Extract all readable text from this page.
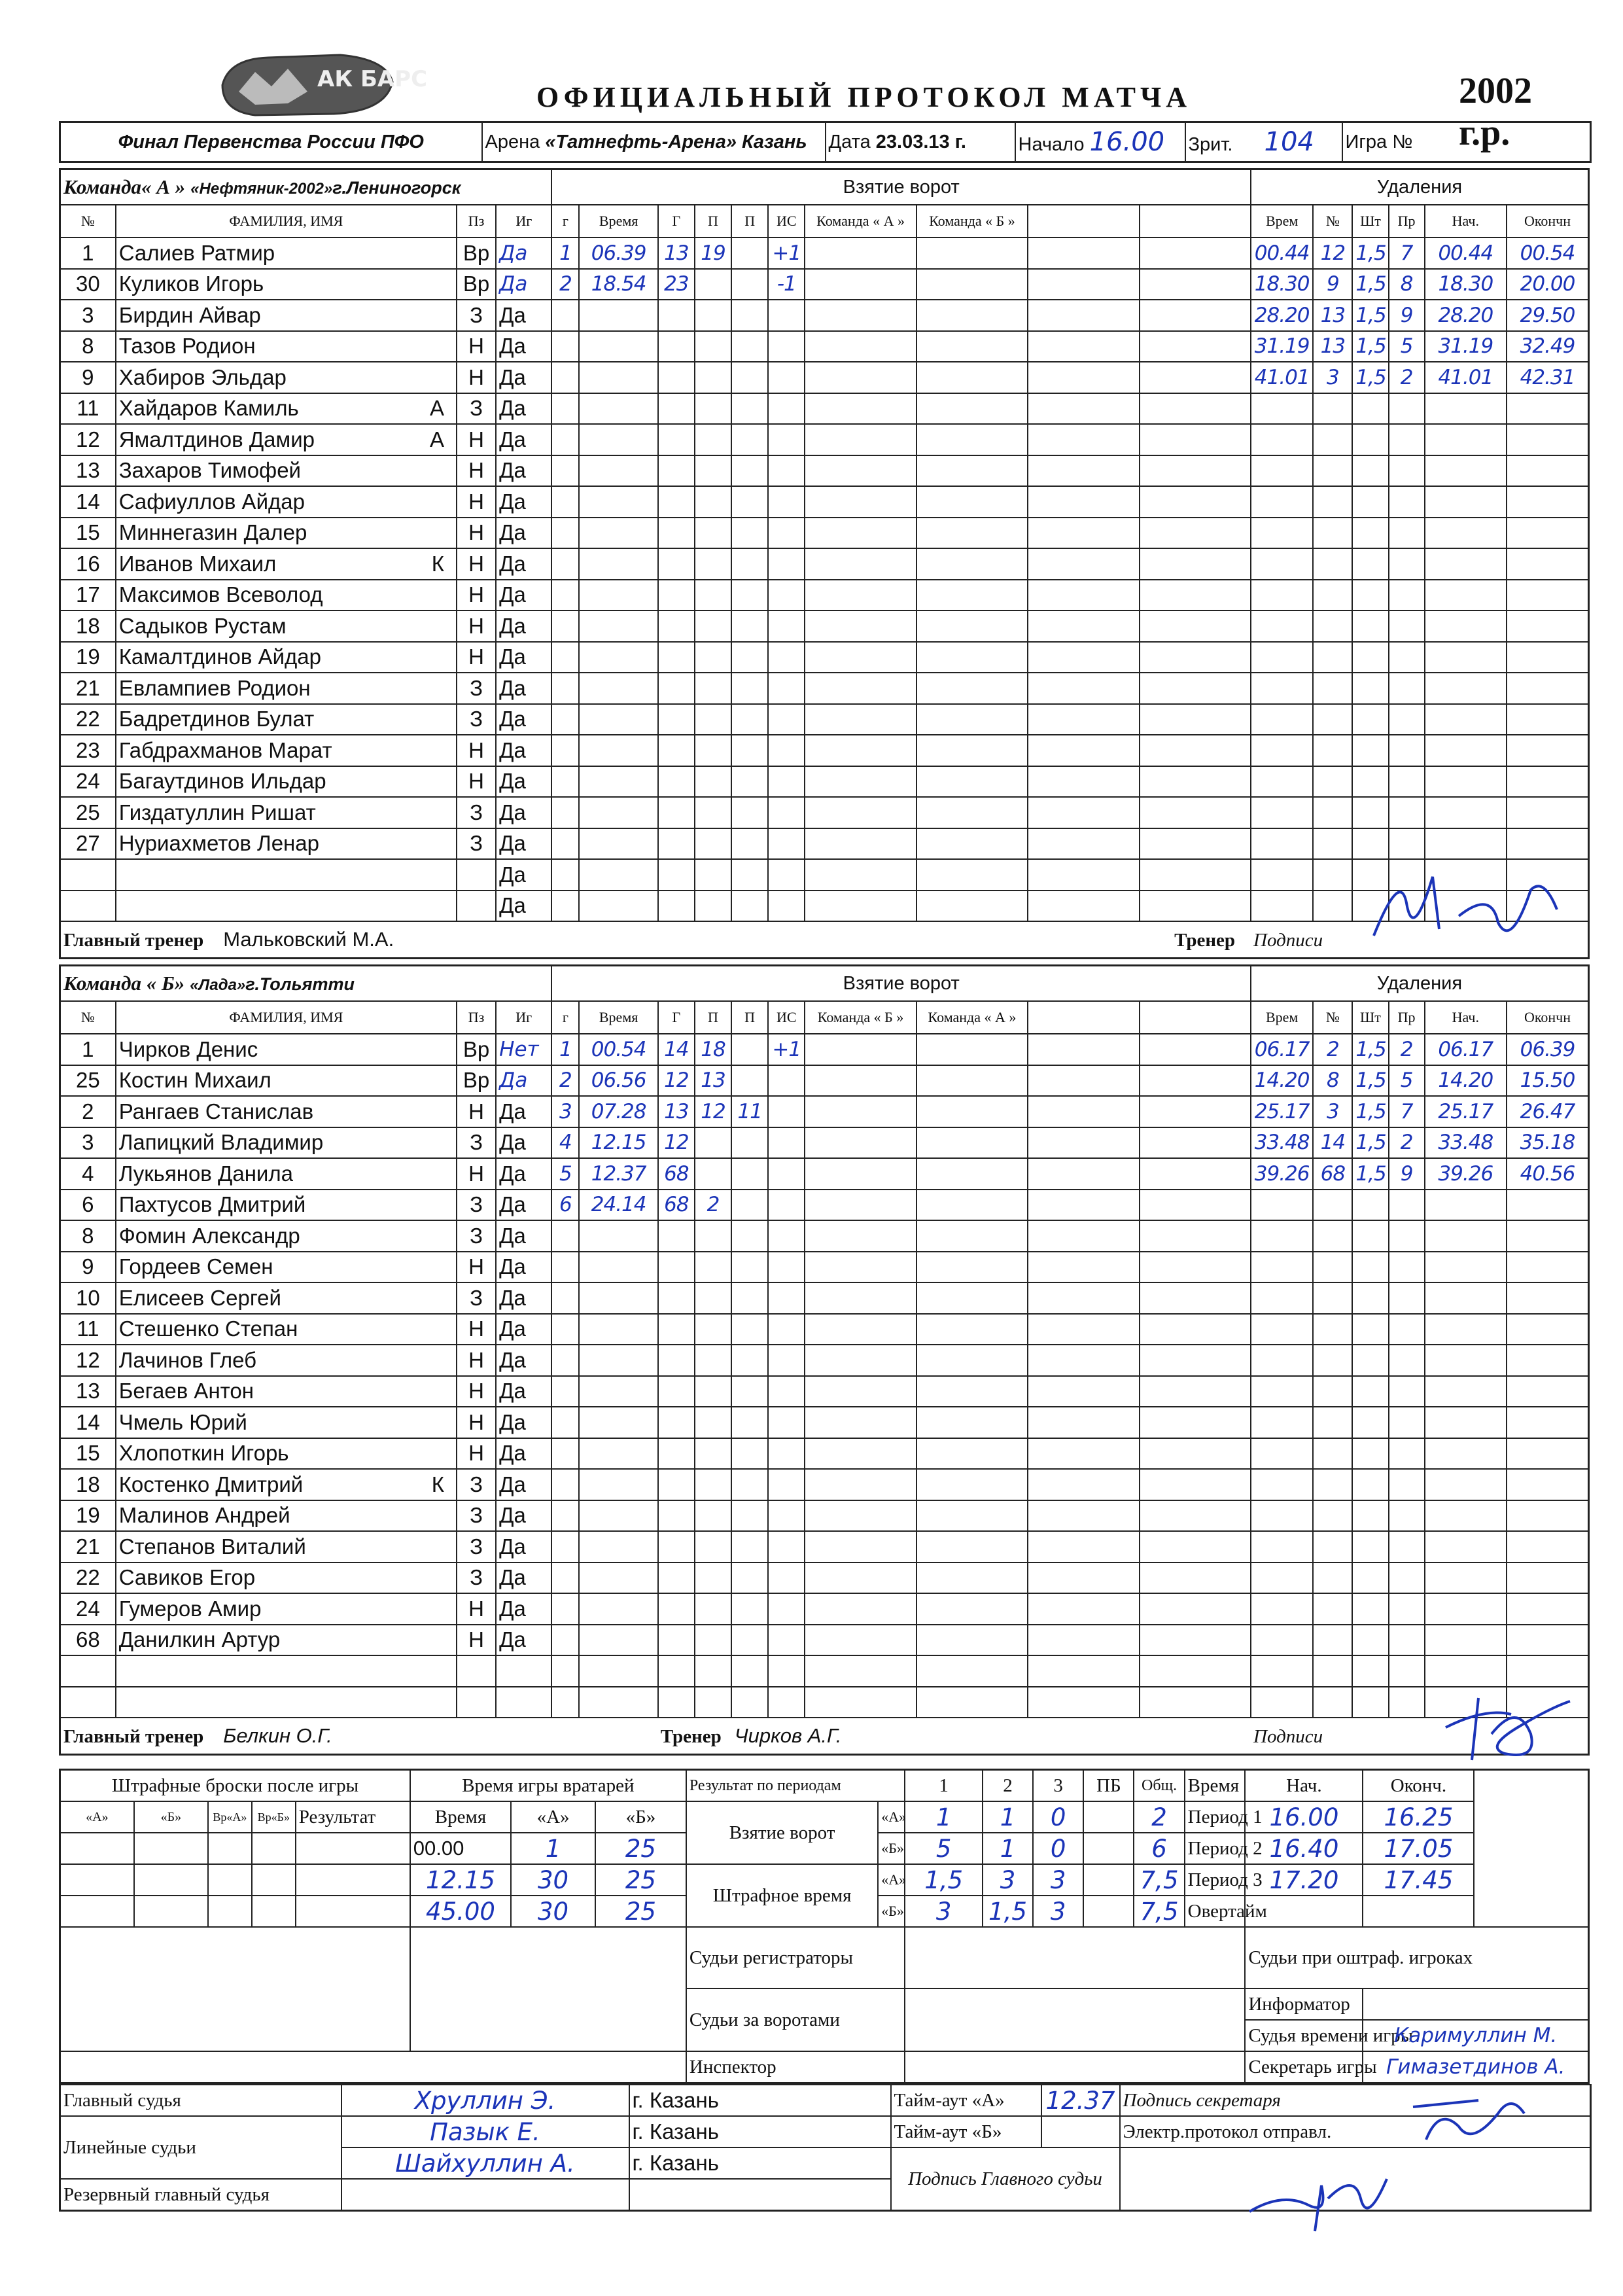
АК БАРС
ОФИЦИАЛЬНЫЙ ПРОТОКОЛ МАТЧА	2002 г.р.
Финал Первенства России ПФО	Арена «Татнефть-Арена» Казань	Дата 23.03.13 г.	Начало 16.00	Зрит. 104	Игра №
Команда« А » «Нефтяник-2002»г.Лениногорск				Взятие ворот										Удаления					
№	ФАМИЛИЯ, ИМЯ	Пз	Иг	г	Время	Г	П	П	ИС	Команда « А »	Команда « Б »			Врем	№	Шт	Пр	Нач.	Окончн
1	Салиев Ратмир	Вр	Да	1	06.39	13	19		+1					00.44	12	1,5	7	00.44	00.54
30	Куликов Игорь	Вр	Да	2	18.54	23			-1					18.30	9	1,5	8	18.30	20.00
3	Бирдин Айвар	З	Да											28.20	13	1,5	9	28.20	29.50
8	Тазов Родион	Н	Да											31.19	13	1,5	5	31.19	32.49
9	Хабиров Эльдар	Н	Да											41.01	3	1,5	2	41.01	42.31
11	Хайдаров Камиль А	З	Да																
12	Ямалтдинов Дамир А	Н	Да																
13	Захаров Тимофей	Н	Да																
14	Сафиуллов Айдар	Н	Да																
15	Миннегазин Далер	Н	Да																
16	Иванов Михаил К	Н	Да																
17	Максимов Всеволод	Н	Да																
18	Садыков Рустам	Н	Да																
19	Камалтдинов Айдар	Н	Да																
21	Евлампиев Родион	З	Да																
22	Бадретдинов Булат	З	Да																
23	Габдрахманов Марат	Н	Да																
24	Багаутдинов Ильдар	Н	Да																
25	Гиздатуллин Ришат	З	Да																
27	Нуриахметов Ленар	З	Да																
			Да																
			Да																
Главный тренер Мальковский М.А.						Тренер								Подписи					
Команда « Б» «Лада»г.Тольятти				Взятие ворот										Удаления					
№	ФАМИЛИЯ, ИМЯ	Пз	Иг	г	Время	Г	П	П	ИС	Команда « Б »	Команда « А »			Врем	№	Шт	Пр	Нач.	Окончн
1	Чирков Денис	Вр	Нет	1	00.54	14	18		+1					06.17	2	1,5	2	06.17	06.39
25	Костин Михаил	Вр	Да	2	06.56	12	13							14.20	8	1,5	5	14.20	15.50
2	Рангаев Станислав	Н	Да	3	07.28	13	12	11						25.17	3	1,5	7	25.17	26.47
3	Лапицкий Владимир	З	Да	4	12.15	12								33.48	14	1,5	2	33.48	35.18
4	Лукьянов Данила	Н	Да	5	12.37	68								39.26	68	1,5	9	39.26	40.56
6	Пахтусов Дмитрий	З	Да	6	24.14	68	2												
8	Фомин Александр	З	Да																
9	Гордеев Семен	Н	Да																
10	Елисеев Сергей	З	Да																
11	Стешенко Степан	Н	Да																
12	Лачинов Глеб	Н	Да																
13	Бегаев Антон	Н	Да																
14	Чмель Юрий	Н	Да																
15	Хлопоткин Игорь	Н	Да																
18	Костенко Дмитрий К	З	Да																
19	Малинов Андрей	З	Да																
21	Степанов Виталий	З	Да																
22	Савиков Егор	З	Да																
24	Гумеров Амир	Н	Да																
68	Данилкин Артур	Н	Да																

Главный тренер Белкин О.Г.						Тренер Чирков А.Г.								Подписи					
Штрафные броски после игры					Время игры вратарей			Результат по периодам		1	2	3	ПБ	Общ.	Время	Нач.	Оконч.
«А»	«Б»	Вр«А»	Вр«Б»	Результат	Время	«А»	«Б»	Взятие ворот	«А»	1	1	0		2	Период 1	16.00	16.25
					00.00	1	25		«Б»	5	1	0		6	Период 2	16.40	17.05
					12.15	30	25	Штрафное время	«А»	1,5	3	3		7,5	Период 3	17.20	17.45
					45.00	30	25		«Б»	3	1,5	3		7,5	Овертайм		
								Судьи регистраторы								Судьи при оштраф. игроках	

								Судьи за воротами								Информатор	
																Судья времени игры	Каримуллин М.
								Инспектор								Секретарь игры	Гимазетдинов А.
Главный судья	Хруллин Э.	г. Казань	Тайм-аут «А»	12.37	Подпись секретаря
Линейные судьи	Пазык Е.	г. Казань	Тайм-аут «Б»		Электр.протокол отправл.
	Шайхуллин А.	г. Казань	Подпись Главного судьи		
Резервный главный судья					
